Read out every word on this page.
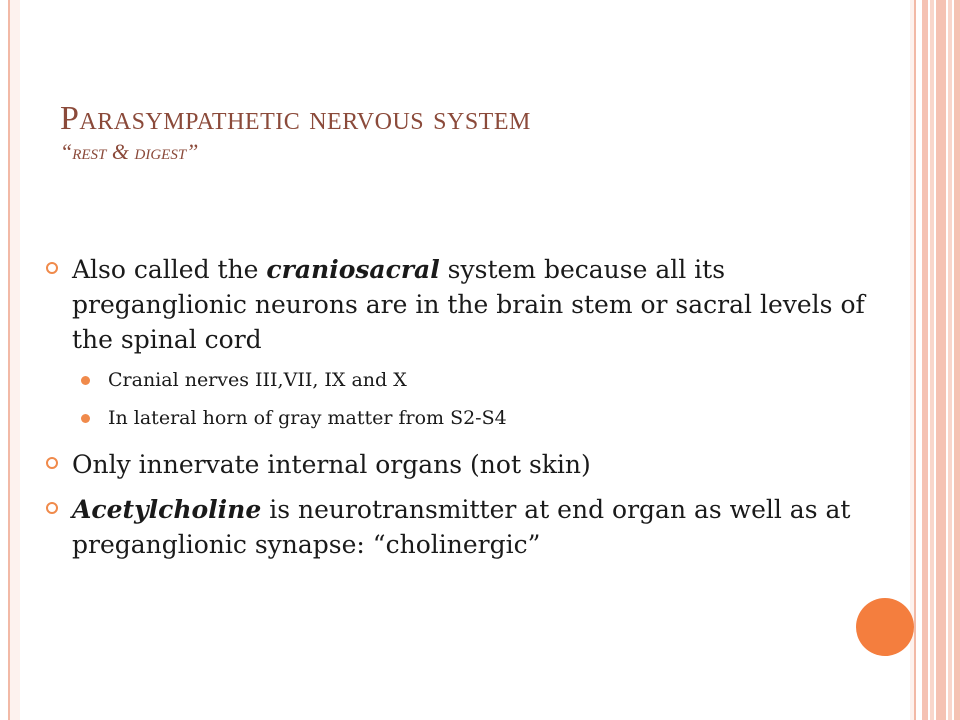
Parasympathetic nervous system
“rest & digest”
Also called the craniosacral system because all its preganglionic neurons are in the brain stem or sacral levels of the spinal cord
Cranial nerves III,VII, IX and X
In lateral horn of gray matter from S2-S4
Only innervate internal organs (not skin)
Acetylcholine is neurotransmitter at end organ as well as at preganglionic synapse: “cholinergic”
